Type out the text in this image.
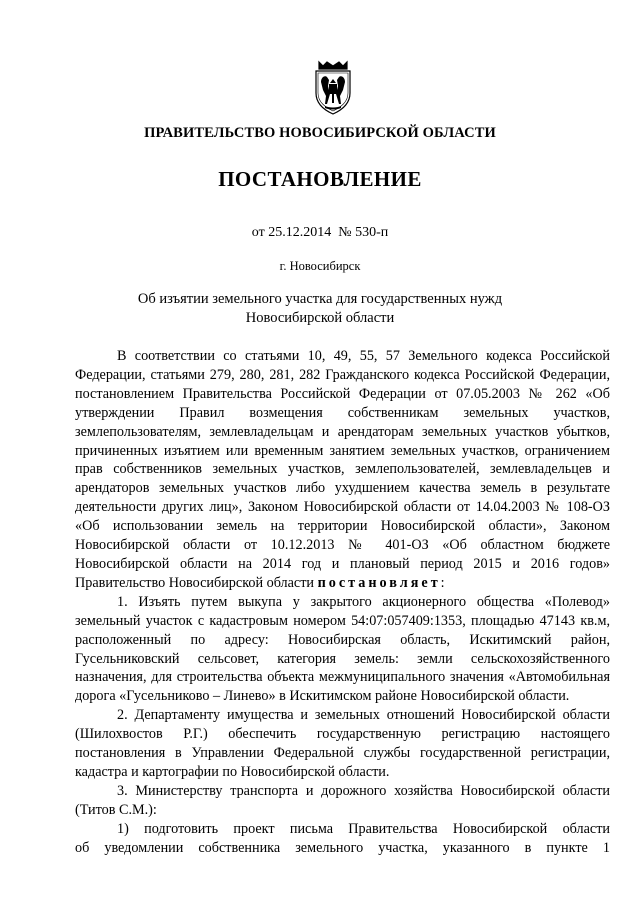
ПРАВИТЕЛЬСТВО НОВОСИБИРСКОЙ ОБЛАСТИ
ПОСТАНОВЛЕНИЕ
от 25.12.2014 № 530-п
г. Новосибирск
Об изъятии земельного участка для государственных нужд
Новосибирской области

В соответствии со статьями 10, 49, 55, 57 Земельного кодекса Российской Федерации, статьями 279, 280, 281, 282 Гражданского кодекса Российской Федерации, постановлением Правительства Российской Федерации от 07.05.2003 № 262 «Об утверждении Правил возмещения собственникам земельных участков, землепользователям, землевладельцам и арендаторам земельных участков убытков, причиненных изъятием или временным занятием земельных участков, ограничением прав собственников земельных участков, землепользователей, землевладельцев и арендаторов земельных участков либо ухудшением качества земель в результате деятельности других лиц», Законом Новосибирской области от 14.04.2003 № 108-ОЗ «Об использовании земель на территории Новосибирской области», Законом Новосибирской области от 10.12.2013 № 401-ОЗ «Об областном бюджете Новосибирской области на 2014 год и плановый период 2015 и 2016 годов» Правительство Новосибирской области постановляет:

1. Изъять путем выкупа у закрытого акционерного общества «Полевод» земельный участок с кадастровым номером 54:07:057409:1353, площадью 47143 кв.м, расположенный по адресу: Новосибирская область, Искитимский район, Гусельниковский сельсовет, категория земель: земли сельскохозяйственного назначения, для строительства объекта межмуниципального значения «Автомобильная дорога «Гусельниково – Линево» в Искитимском районе Новосибирской области.

2. Департаменту имущества и земельных отношений Новосибирской области (Шилохвостов Р.Г.) обеспечить государственную регистрацию настоящего постановления в Управлении Федеральной службы государственной регистрации, кадастра и картографии по Новосибирской области.

3. Министерству транспорта и дорожного хозяйства Новосибирской области (Титов С.М.):

1) подготовить проект письма Правительства Новосибирской области
об уведомлении собственника земельного участка, указанного в пункте 1
